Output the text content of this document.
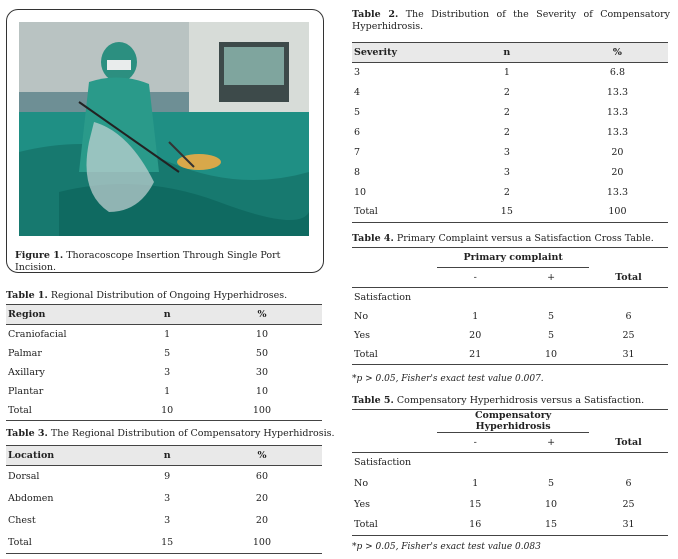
Figure 1. Thoracoscope Insertion Through Single Port Incision.
Table 1. Regional Distribution of Ongoing Hyperhidroses.
Region	n	%
Craniofacial	1	10
Palmar	5	50
Axillary	3	30
Plantar	1	10
Total	10	100
Table 3. The Regional Distribution of Compensatory Hyperhidrosis.
Location	n	%
Dorsal	9	60
Abdomen	3	20
Chest	3	20
Total	15	100
Table 2. The Distribution of the Severity of Compensatory Hyperhidrosis.
Severity	n	%
3	1	6.8
4	2	13.3
5	2	13.3
6	2	13.3
7	3	20
8	3	20
10	2	13.3
Total	15	100
Table 4. Primary Complaint versus a Satisfaction Cross Table.
	Primary complaint		
	-	+	Total
Satisfaction			
No	1	5	6
Yes	20	5	25
Total	21	10	31
*p > 0.05, Fisher's exact test value 0.007.
Table 5. Compensatory Hyperhidrosis versus a Satisfaction.
	Compensatory Hyperhidrosis		
	-	+	Total
Satisfaction			
No	1	5	6
Yes	15	10	25
Total	16	15	31
*p > 0.05, Fisher's exact test value 0.083
